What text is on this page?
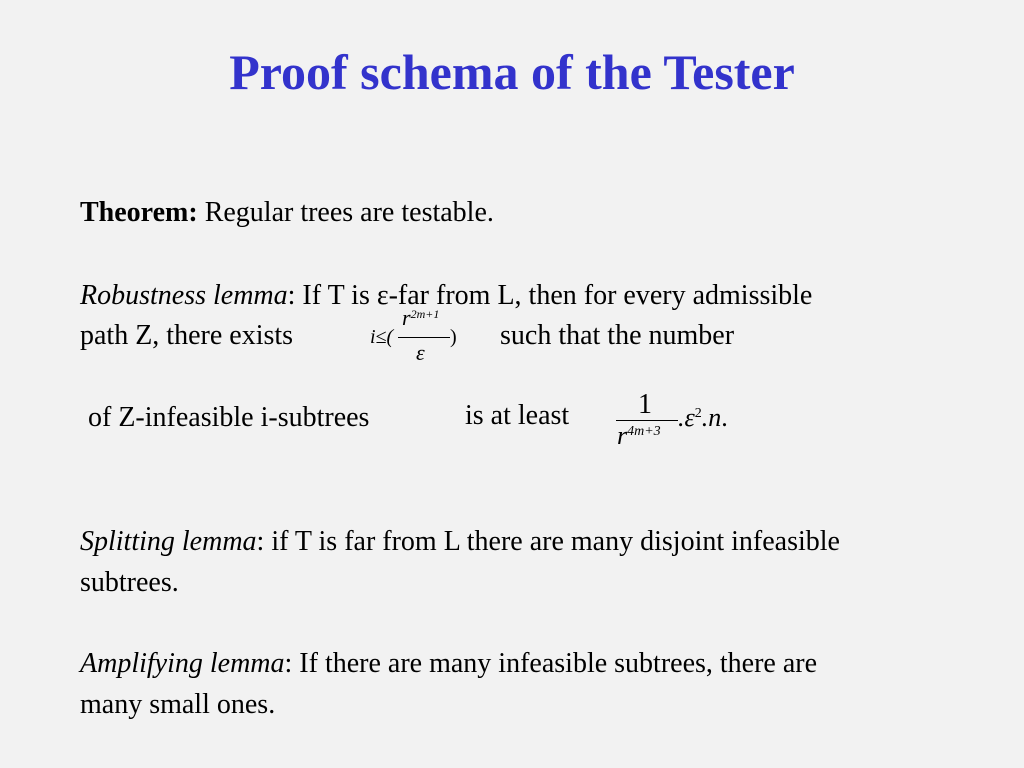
Proof schema of the Tester
Theorem: Regular trees are testable.
Robustness lemma: If T is ε-far from L, then for every admissible
path Z, there exists	i≤(
$r^{2m+1}$
ε
) such that the number
of Z-infeasible i-subtrees	is at least 1
$r^{4m+3}$ $.\varepsilon^2.n$.
Splitting lemma: if T is far from L there are many disjoint infeasible
subtrees.
Amplifying lemma: If there are many infeasible subtrees, there are
many small ones.
